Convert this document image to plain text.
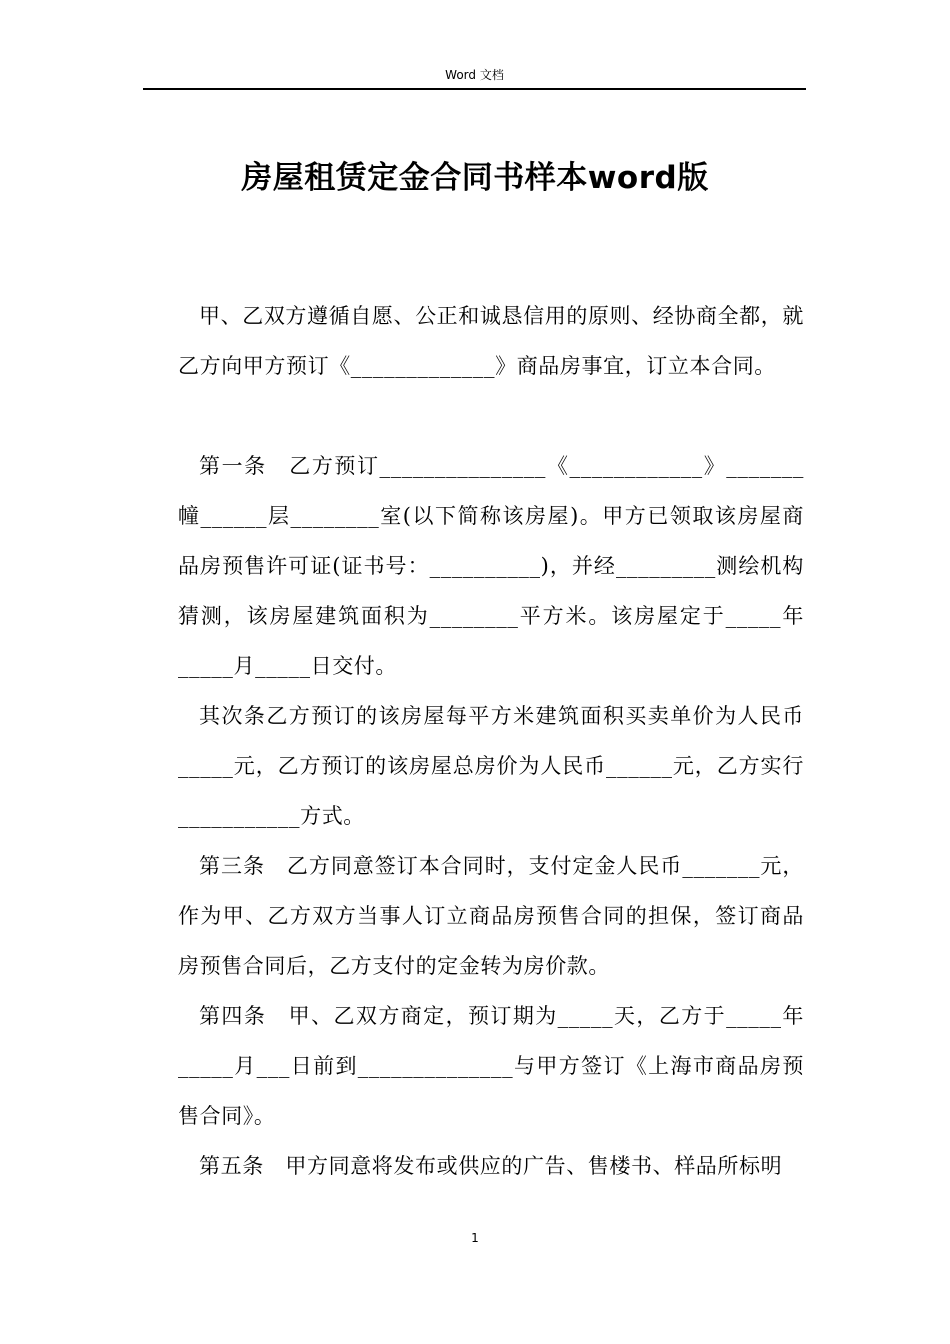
Word 文档
房屋租赁定金合同书样本word版

甲、乙双方遵循自愿、公正和诚恳信用的原则、经协商全都，就乙方向甲方预订《_____________》商品房事宜，订立本合同。

第一条　乙方预订_______________《____________》_______幢______层________室(以下简称该房屋)。甲方已领取该房屋商品房预售许可证(证书号：__________)，并经_________测绘机构猜测，该房屋建筑面积为________平方米。该房屋定于_____年_____月_____日交付。

其次条乙方预订的该房屋每平方米建筑面积买卖单价为人民币_____元，乙方预订的该房屋总房价为人民币______元，乙方实行___________方式。

第三条　乙方同意签订本合同时，支付定金人民币_______元，作为甲、乙方双方当事人订立商品房预售合同的担保，签订商品房预售合同后，乙方支付的定金转为房价款。

第四条　甲、乙双方商定，预订期为_____天，乙方于_____年_____月___日前到______________与甲方签订《上海市商品房预售合同》。

第五条　甲方同意将发布或供应的广告、售楼书、样品所标明

1
